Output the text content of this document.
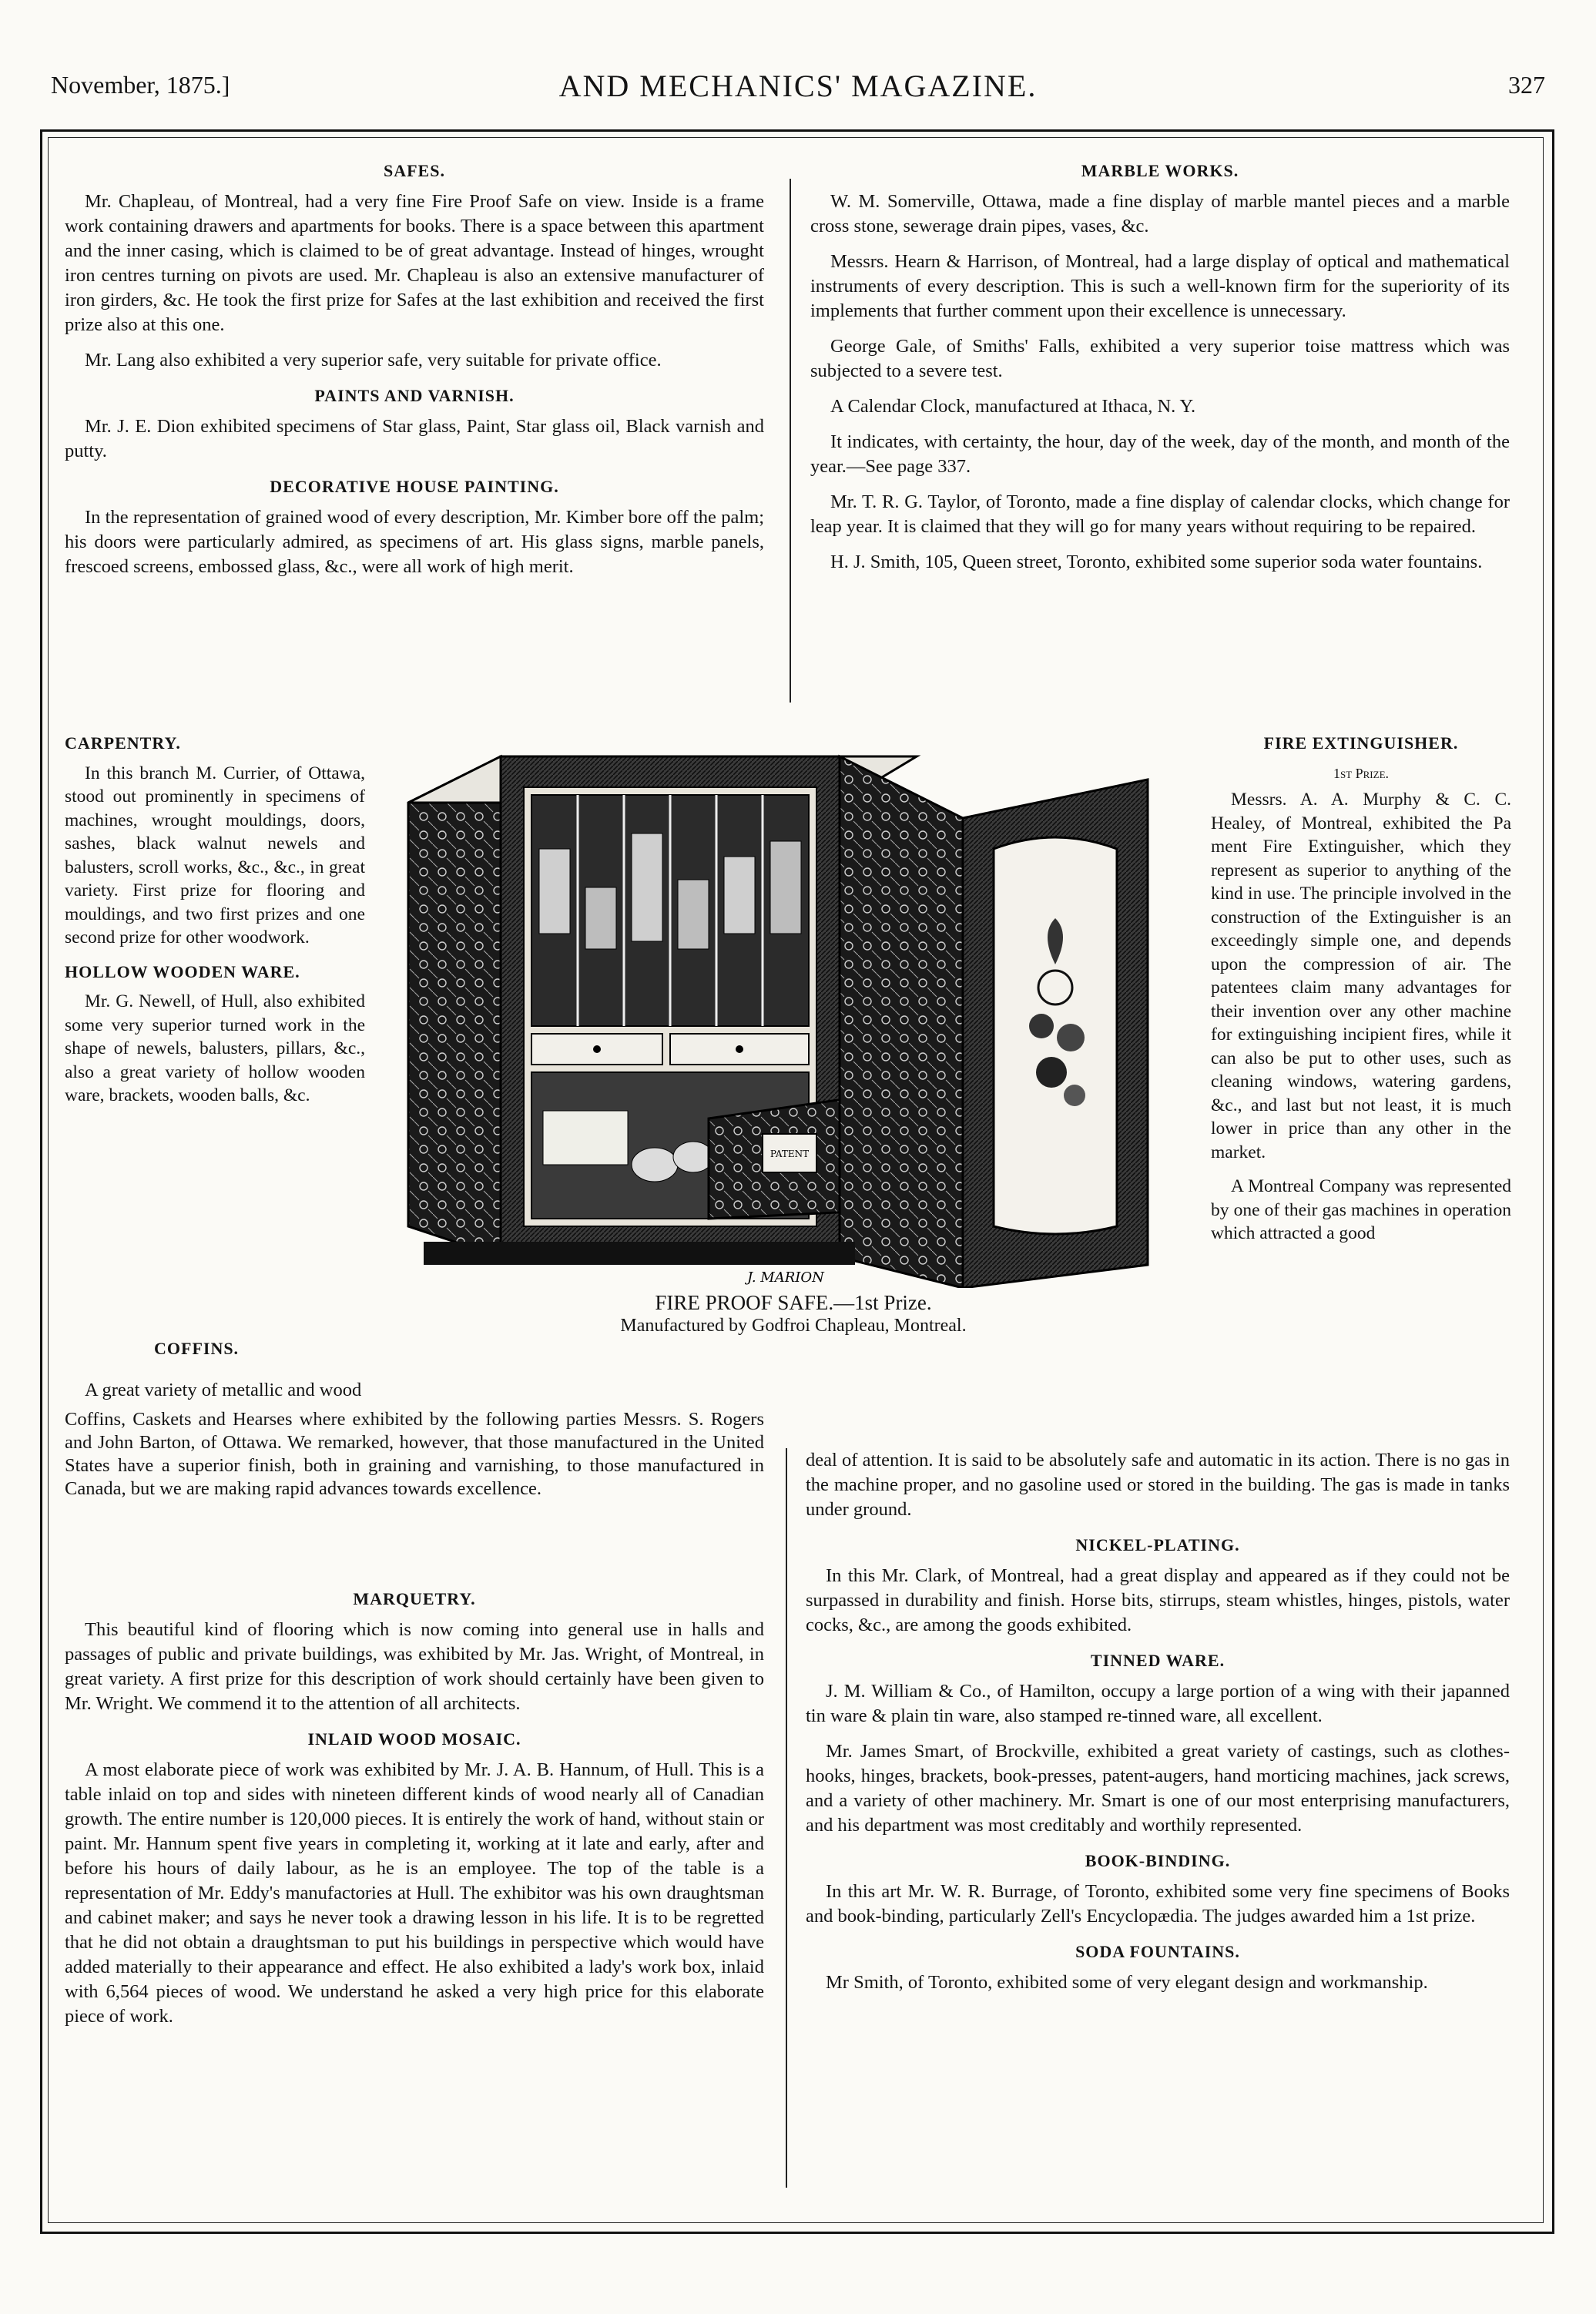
November, 1875.]	AND MECHANICS' MAGAZINE.	327
SAFES.

Mr. Chapleau, of Montreal, had a very fine Fire Proof Safe on view. Inside is a frame work containing drawers and apartments for books. There is a space between this apartment and the inner casing, which is claimed to be of great advantage. Instead of hinges, wrought iron centres turning on pivots are used. Mr. Chapleau is also an extensive manufacturer of iron girders, &c. He took the first prize for Safes at the last exhibition and received the first prize also at this one.

Mr. Lang also exhibited a very superior safe, very suitable for private office.

PAINTS AND VARNISH.

Mr. J. E. Dion exhibited specimens of Star glass, Paint, Star glass oil, Black varnish and putty.

DECORATIVE HOUSE PAINTING.

In the representation of grained wood of every description, Mr. Kimber bore off the palm; his doors were particularly admired, as specimens of art. His glass signs, marble panels, frescoed screens, embossed glass, &c., were all work of high merit.

MARBLE WORKS.

W. M. Somerville, Ottawa, made a fine display of marble mantel pieces and a marble cross stone, sewerage drain pipes, vases, &c.

Messrs. Hearn & Harrison, of Montreal, had a large display of optical and mathematical instruments of every description. This is such a well-known firm for the superiority of its implements that further comment upon their excellence is unnecessary.

George Gale, of Smiths' Falls, exhibited a very superior toise mattress which was subjected to a severe test.

A Calendar Clock, manufactured at Ithaca, N. Y.

It indicates, with certainty, the hour, day of the week, day of the month, and month of the year.—See page 337.

Mr. T. R. G. Taylor, of Toronto, made a fine display of calendar clocks, which change for leap year. It is claimed that they will go for many years without requiring to be repaired.

H. J. Smith, 105, Queen street, Toronto, exhibited some superior soda water fountains.

CARPENTRY.

In this branch M. Currier, of Ottawa, stood out prominently in specimens of machines, wrought mouldings, doors, sashes, black walnut newels and balusters, scroll works, &c., &c., in great variety. First prize for flooring and mouldings, and two first prizes and one second prize for other woodwork.

HOLLOW WOODEN WARE.

Mr. G. Newell, of Hull, also exhibited some very superior turned work in the shape of newels, balusters, pillars, &c., also a great variety of hollow wooden ware, brackets, wooden balls, &c.

COFFINS.
PATENT
J. MARION

FIRE PROOF SAFE.—1st Prize.

Manufactured by Godfroi Chapleau, Montreal.

FIRE EXTINGUISHER.
1st Prize.

Messrs. A. A. Murphy & C. C. Healey, of Montreal, exhibited the Pa ment Fire Extinguisher, which they represent as superior to anything of the kind in use. The principle involved in the construction of the Extinguisher is an exceedingly simple one, and depends upon the compression of air. The patentees claim many advantages for their invention over any other machine for extinguishing incipient fires, while it can also be put to other uses, such as cleaning windows, watering gardens, &c., and last but not least, it is much lower in price than any other in the market.

A Montreal Company was represented by one of their gas machines in operation which attracted a good

A great variety of metallic and wood

Coffins, Caskets and Hearses where exhibited by the following parties Messrs. S. Rogers and John Barton, of Ottawa. We remarked, however, that those manufactured in the United States have a superior finish, both in graining and varnishing, to those manufactured in Canada, but we are making rapid advances towards excellence.

MARQUETRY.

This beautiful kind of flooring which is now coming into general use in halls and passages of public and private buildings, was exhibited by Mr. Jas. Wright, of Montreal, in great variety. A first prize for this description of work should certainly have been given to Mr. Wright. We commend it to the attention of all architects.

INLAID WOOD MOSAIC.

A most elaborate piece of work was exhibited by Mr. J. A. B. Hannum, of Hull. This is a table inlaid on top and sides with nineteen different kinds of wood nearly all of Canadian growth. The entire number is 120,000 pieces. It is entirely the work of hand, without stain or paint. Mr. Hannum spent five years in completing it, working at it late and early, after and before his hours of daily labour, as he is an employee. The top of the table is a representation of Mr. Eddy's manufactories at Hull. The exhibitor was his own draughtsman and cabinet maker; and says he never took a drawing lesson in his life. It is to be regretted that he did not obtain a draughtsman to put his buildings in perspective which would have added materially to their appearance and effect. He also exhibited a lady's work box, inlaid with 6,564 pieces of wood. We understand he asked a very high price for this elaborate piece of work.

deal of attention. It is said to be absolutely safe and automatic in its action. There is no gas in the machine proper, and no gasoline used or stored in the building. The gas is made in tanks under ground.

NICKEL-PLATING.

In this Mr. Clark, of Montreal, had a great display and appeared as if they could not be surpassed in durability and finish. Horse bits, stirrups, steam whistles, hinges, pistols, water cocks, &c., are among the goods exhibited.

TINNED WARE.

J. M. William & Co., of Hamilton, occupy a large portion of a wing with their japanned tin ware & plain tin ware, also stamped re-tinned ware, all excellent.

Mr. James Smart, of Brockville, exhibited a great variety of castings, such as clothes-hooks, hinges, brackets, book-presses, patent-augers, hand morticing machines, jack screws, and a variety of other machinery. Mr. Smart is one of our most enterprising manufacturers, and his department was most creditably and worthily represented.

BOOK-BINDING.

In this art Mr. W. R. Burrage, of Toronto, exhibited some very fine specimens of Books and book-binding, particularly Zell's Encyclopædia. The judges awarded him a 1st prize.

SODA FOUNTAINS.

Mr Smith, of Toronto, exhibited some of very elegant design and workmanship.
